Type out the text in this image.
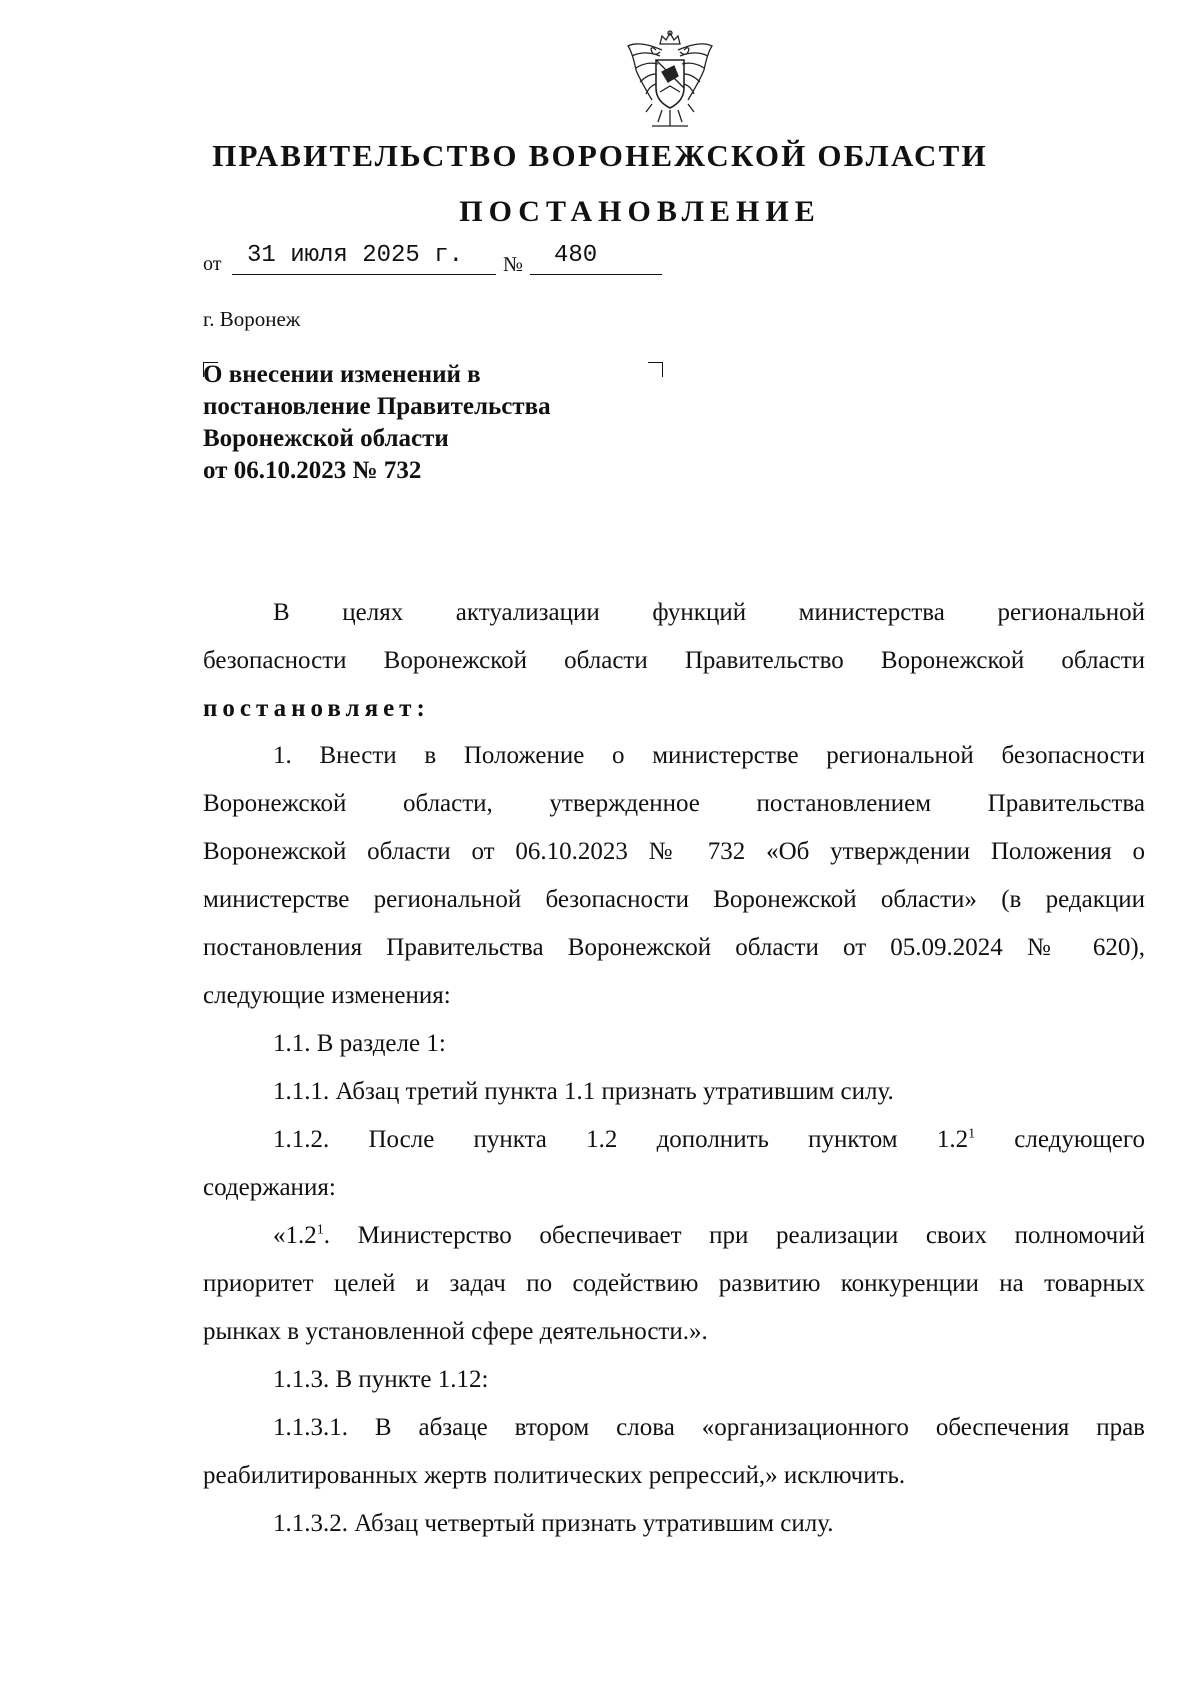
ПРАВИТЕЛЬСТВО ВОРОНЕЖСКОЙ ОБЛАСТИ
ПОСТАНОВЛЕНИЕ
от 31 июля 2025 г. № 480
г. Воронеж
О внесении изменений в
постановление Правительства
Воронежской области
от 06.10.2023 № 732
В целях актуализации функций министерства региональной
безопасности Воронежской области Правительство Воронежской области
постановляет:
1. Внести в Положение о министерстве региональной безопасности
Воронежской области, утвержденное постановлением Правительства
Воронежской области от 06.10.2023 № 732 «Об утверждении Положения о
министерстве региональной безопасности Воронежской области» (в редакции
постановления Правительства Воронежской области от 05.09.2024 № 620),
следующие изменения:
1.1. В разделе 1:
1.1.1. Абзац третий пункта 1.1 признать утратившим силу.
1.1.2. После пункта 1.2 дополнить пунктом $1.2^1$ следующего
содержания:
«$1.2^1$. Министерство обеспечивает при реализации своих полномочий
приоритет целей и задач по содействию развитию конкуренции на товарных
рынках в установленной сфере деятельности.».
1.1.3. В пункте 1.12:
1.1.3.1. В абзаце втором слова «организационного обеспечения прав
реабилитированных жертв политических репрессий,» исключить.
1.1.3.2. Абзац четвертый признать утратившим силу.
